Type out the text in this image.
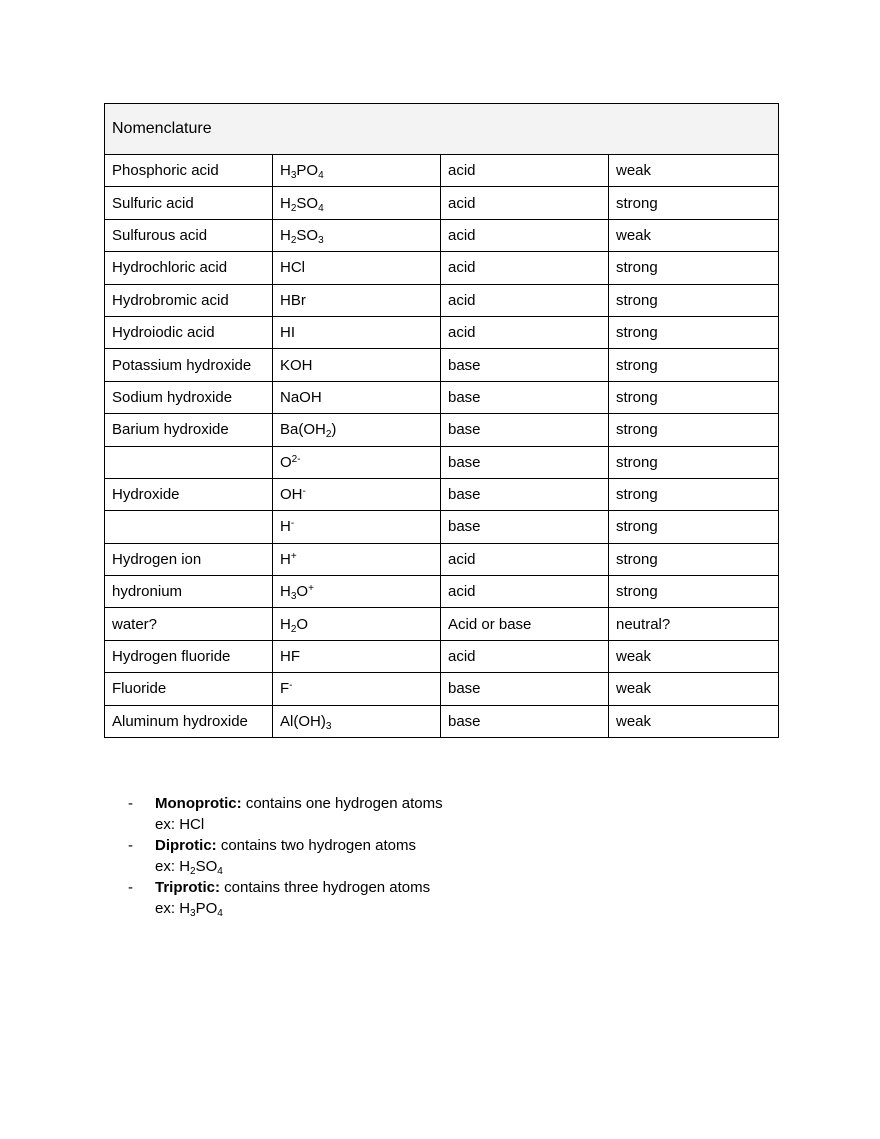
Nomenclature			
Phosphoric acid	$H_3PO_4$	acid	weak
Sulfuric acid	$H_2SO_4$	acid	strong
Sulfurous acid	$H_2SO_3$	acid	weak
Hydrochloric acid	HCl	acid	strong
Hydrobromic acid	HBr	acid	strong
Hydroiodic acid	HI	acid	strong
Potassium hydroxide	KOH	base	strong
Sodium hydroxide	NaOH	base	strong
Barium hydroxide	$Ba(OH_2)$	base	strong
	$O^{2-}$	base	strong
Hydroxide	OH-	base	strong
	H-	base	strong
Hydrogen ion	H+	acid	strong
hydronium	$H_3O^+$	acid	strong
water?	$H_2O$	Acid or base	neutral?
Hydrogen fluoride	HF	acid	weak
Fluoride	F-	base	weak
Aluminum hydroxide	$Al(OH)_3$	base	weak
- Monoprotic: contains one hydrogen atoms
ex: HCl
- Diprotic: contains two hydrogen atoms
ex: $H_2SO_4$
- Triprotic: contains three hydrogen atoms
ex: $H_3PO_4$
